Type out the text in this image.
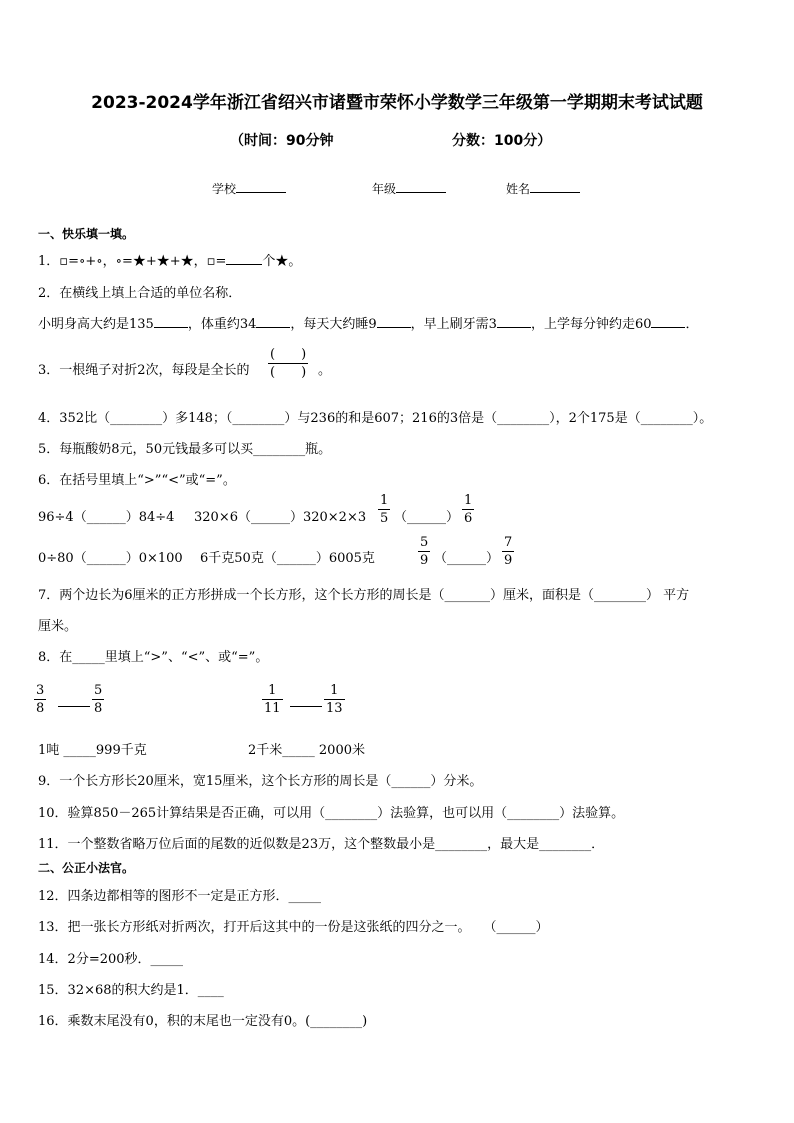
2023-2024学年浙江省绍兴市诸暨市荣怀小学数学三年级第一学期期末考试试题
（时间：90分钟	分数：100分）
学校	年级	姓名
一、快乐填一填。
1．▫=∘+∘，∘=★+★+★，▫=	个★。
2．在横线上填上合适的单位名称．
小明身高大约是135	，体重约34	，每天大约睡9	，早上刷牙需3	，上学每分钟约走60	．
3．一根绳子对折2次，每段是全长的
(　　)
(　　) 。
4．352比（________）多148；（________）与236的和是607；216的3倍是（________），2个175是（________）。
5．每瓶酸奶8元，50元钱最多可以买________瓶。
6．在括号里填上“>”“<”或“=”。
96÷4（______）84÷4 320×6（______）320×2×3
1
5 （______）
1
6
0÷80（______）0×100 6千克50克（______）6005克
5
9 （______）
7
9
7．两个边长为6厘米的正方形拼成一个长方形，这个长方形的周长是（_______）厘米，面积是（________） 平方
厘米。
8．在_____里填上“>”、“<”、或“=”。
3
8
5
8
1
11
1
13
1吨 _____999千克	2千米_____ 2000米
9．一个长方形长20厘米，宽15厘米，这个长方形的周长是（______）分米。
10．验算850－265计算结果是否正确，可以用（________）法验算，也可以用（________）法验算。
11．一个整数省略万位后面的尾数的近似数是23万，这个整数最小是________，最大是________．
二、公正小法官。
12．四条边都相等的图形不一定是正方形．_____
13．把一张长方形纸对折两次，打开后这其中的一份是这张纸的四分之一。　　（______）
14．2分=200秒．_____
15．32×68的积大约是1．____
16．乘数末尾没有0，积的末尾也一定没有0。(________)
